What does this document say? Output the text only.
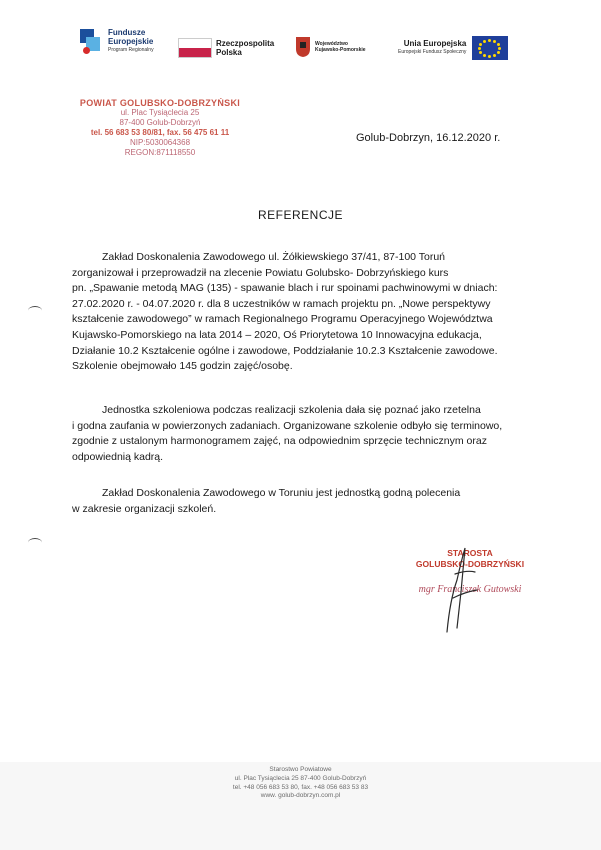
Fundusze
Europejskie
Program Regionalny
Rzeczpospolita
Polska
Województwo
Kujawsko-Pomorskie
Unia Europejska
Europejski Fundusz Społeczny
POWIAT GOLUBSKO-DOBRZYŃSKI
ul. Plac Tysiąclecia 25
87-400 Golub-Dobrzyń
tel. 56 683 53 80/81, fax. 56 475 61 11
NIP:5030064368
REGON:871118550
Golub-Dobrzyn, 16.12.2020 r.
REFERENCJE
Zakład Doskonalenia Zawodowego ul. Żółkiewskiego 37/41, 87-100 Toruń
zorganizował i przeprowadził na zlecenie Powiatu Golubsko- Dobrzyńskiego kurs
pn. „Spawanie metodą MAG (135) - spawanie blach i rur spoinami pachwinowymi w dniach:
27.02.2020 r. - 04.07.2020 r. dla 8 uczestników w ramach projektu pn. „Nowe perspektywy
kształcenie zawodowego” w ramach Regionalnego Programu Operacyjnego Województwa
Kujawsko-Pomorskiego na lata 2014 – 2020, Oś Priorytetowa 10 Innowacyjna edukacja,
Działanie 10.2 Kształcenie ogólne i zawodowe, Poddziałanie 10.2.3 Kształcenie zawodowe.
Szkolenie obejmowało 145 godzin zajęć/osobę.
Jednostka szkoleniowa podczas realizacji szkolenia dała się poznać jako rzetelna
i godna zaufania w powierzonych zadaniach. Organizowane szkolenie odbyło się terminowo,
zgodnie z ustalonym harmonogramem zajęć, na odpowiednim sprzęcie technicznym oraz
odpowiednią kadrą.
Zakład Doskonalenia Zawodowego w Toruniu jest jednostką godną polecenia
w zakresie organizacji szkoleń.
STAROSTA
GOLUBSKO-DOBRZYŃSKI
mgr Franciszek Gutowski
Starostwo Powiatowe
ul. Plac Tysiąclecia 25 87-400 Golub-Dobrzyń
tel. +48 056 683 53 80, fax. +48 056 683 53 83
www. golub-dobrzyn.com.pl
